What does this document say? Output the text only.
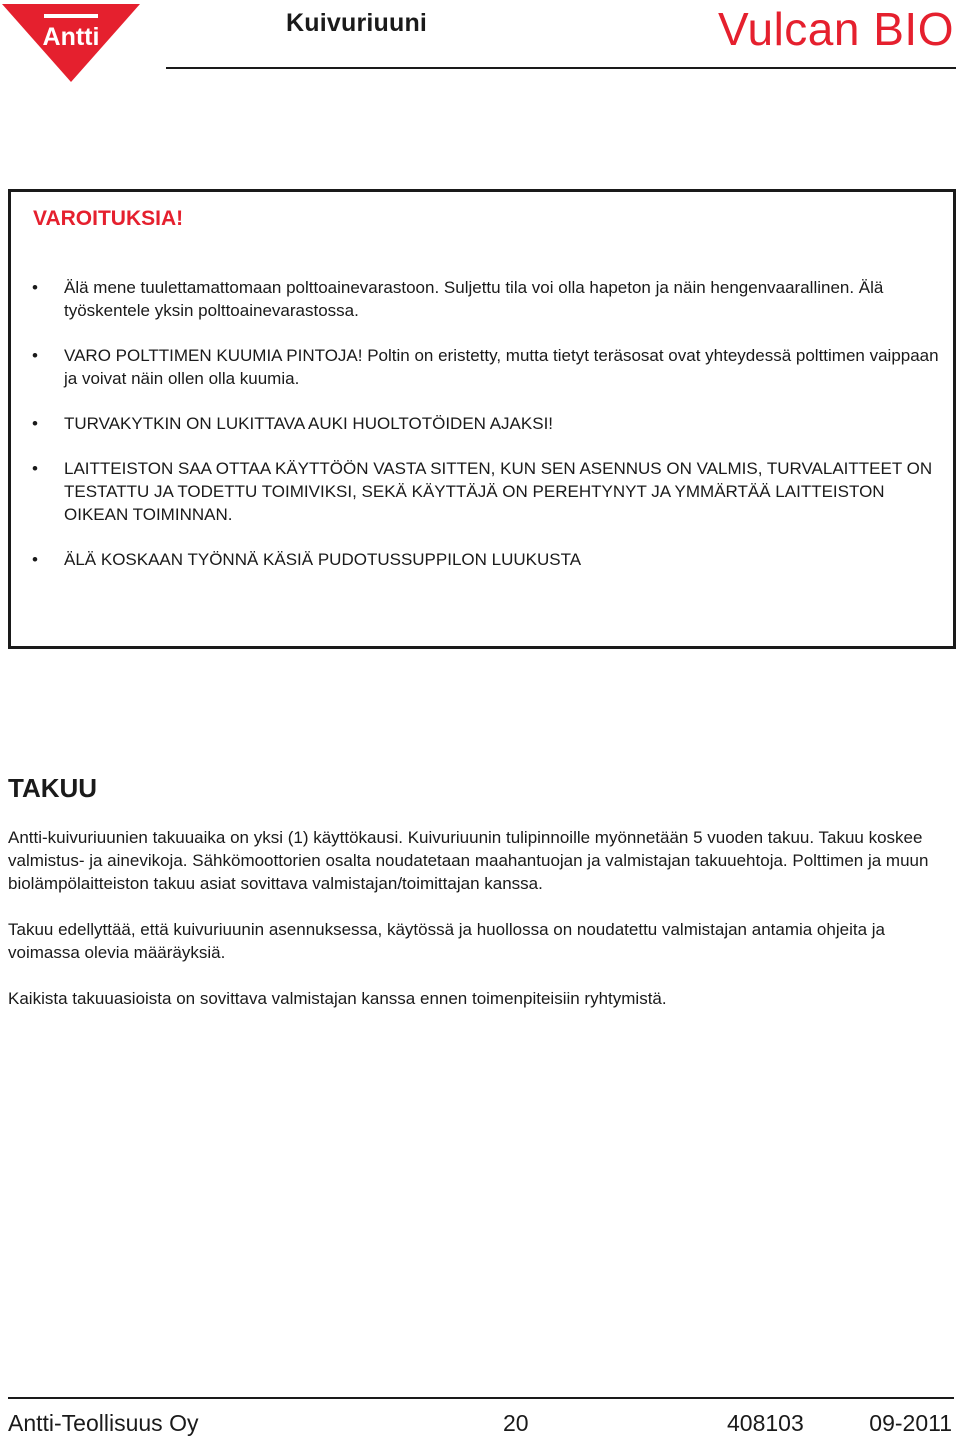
Antti	Kuivuriuuni	Vulcan BIO
VAROITUKSIA!
• Älä mene tuulettamattomaan polttoainevarastoon. Suljettu tila voi olla hapeton ja näin hengenvaarallinen. Älä työskentele yksin polttoainevarastossa.
• VARO POLTTIMEN KUUMIA PINTOJA! Poltin on eristetty, mutta tietyt teräsosat ovat yhteydessä polttimen vaippaan ja voivat näin ollen olla kuumia.
• TURVAKYTKIN ON LUKITTAVA AUKI HUOLTOTÖIDEN AJAKSI!
• LAITTEISTON SAA OTTAA KÄYTTÖÖN VASTA SITTEN, KUN SEN ASENNUS ON VALMIS, TURVALAITTEET ON TESTATTU JA TODETTU TOIMIVIKSI, SEKÄ KÄYTTÄJÄ ON PEREHTYNYT JA YMMÄRTÄÄ LAITTEISTON OIKEAN TOIMINNAN.
• ÄLÄ KOSKAAN TYÖNNÄ KÄSIÄ PUDOTUSSUPPILON LUUKUSTA
TAKUU

Antti-kuivuriuunien takuuaika on yksi (1) käyttökausi. Kuivuriuunin tulipinnoille myönnetään 5 vuoden takuu. Takuu koskee valmistus- ja ainevikoja. Sähkömoottorien osalta noudatetaan maahantuojan ja valmistajan takuuehtoja. Polttimen ja muun biolämpölaitteiston takuu asiat sovittava valmistajan/toimittajan kanssa.

Takuu edellyttää, että kuivuriuunin asennuksessa, käytössä ja huollossa on noudatettu valmistajan antamia ohjeita ja voimassa olevia määräyksiä.

Kaikista takuuasioista on sovittava valmistajan kanssa ennen toimenpiteisiin ryhtymistä.

Antti-Teollisuus Oy	20	408103	09-2011
